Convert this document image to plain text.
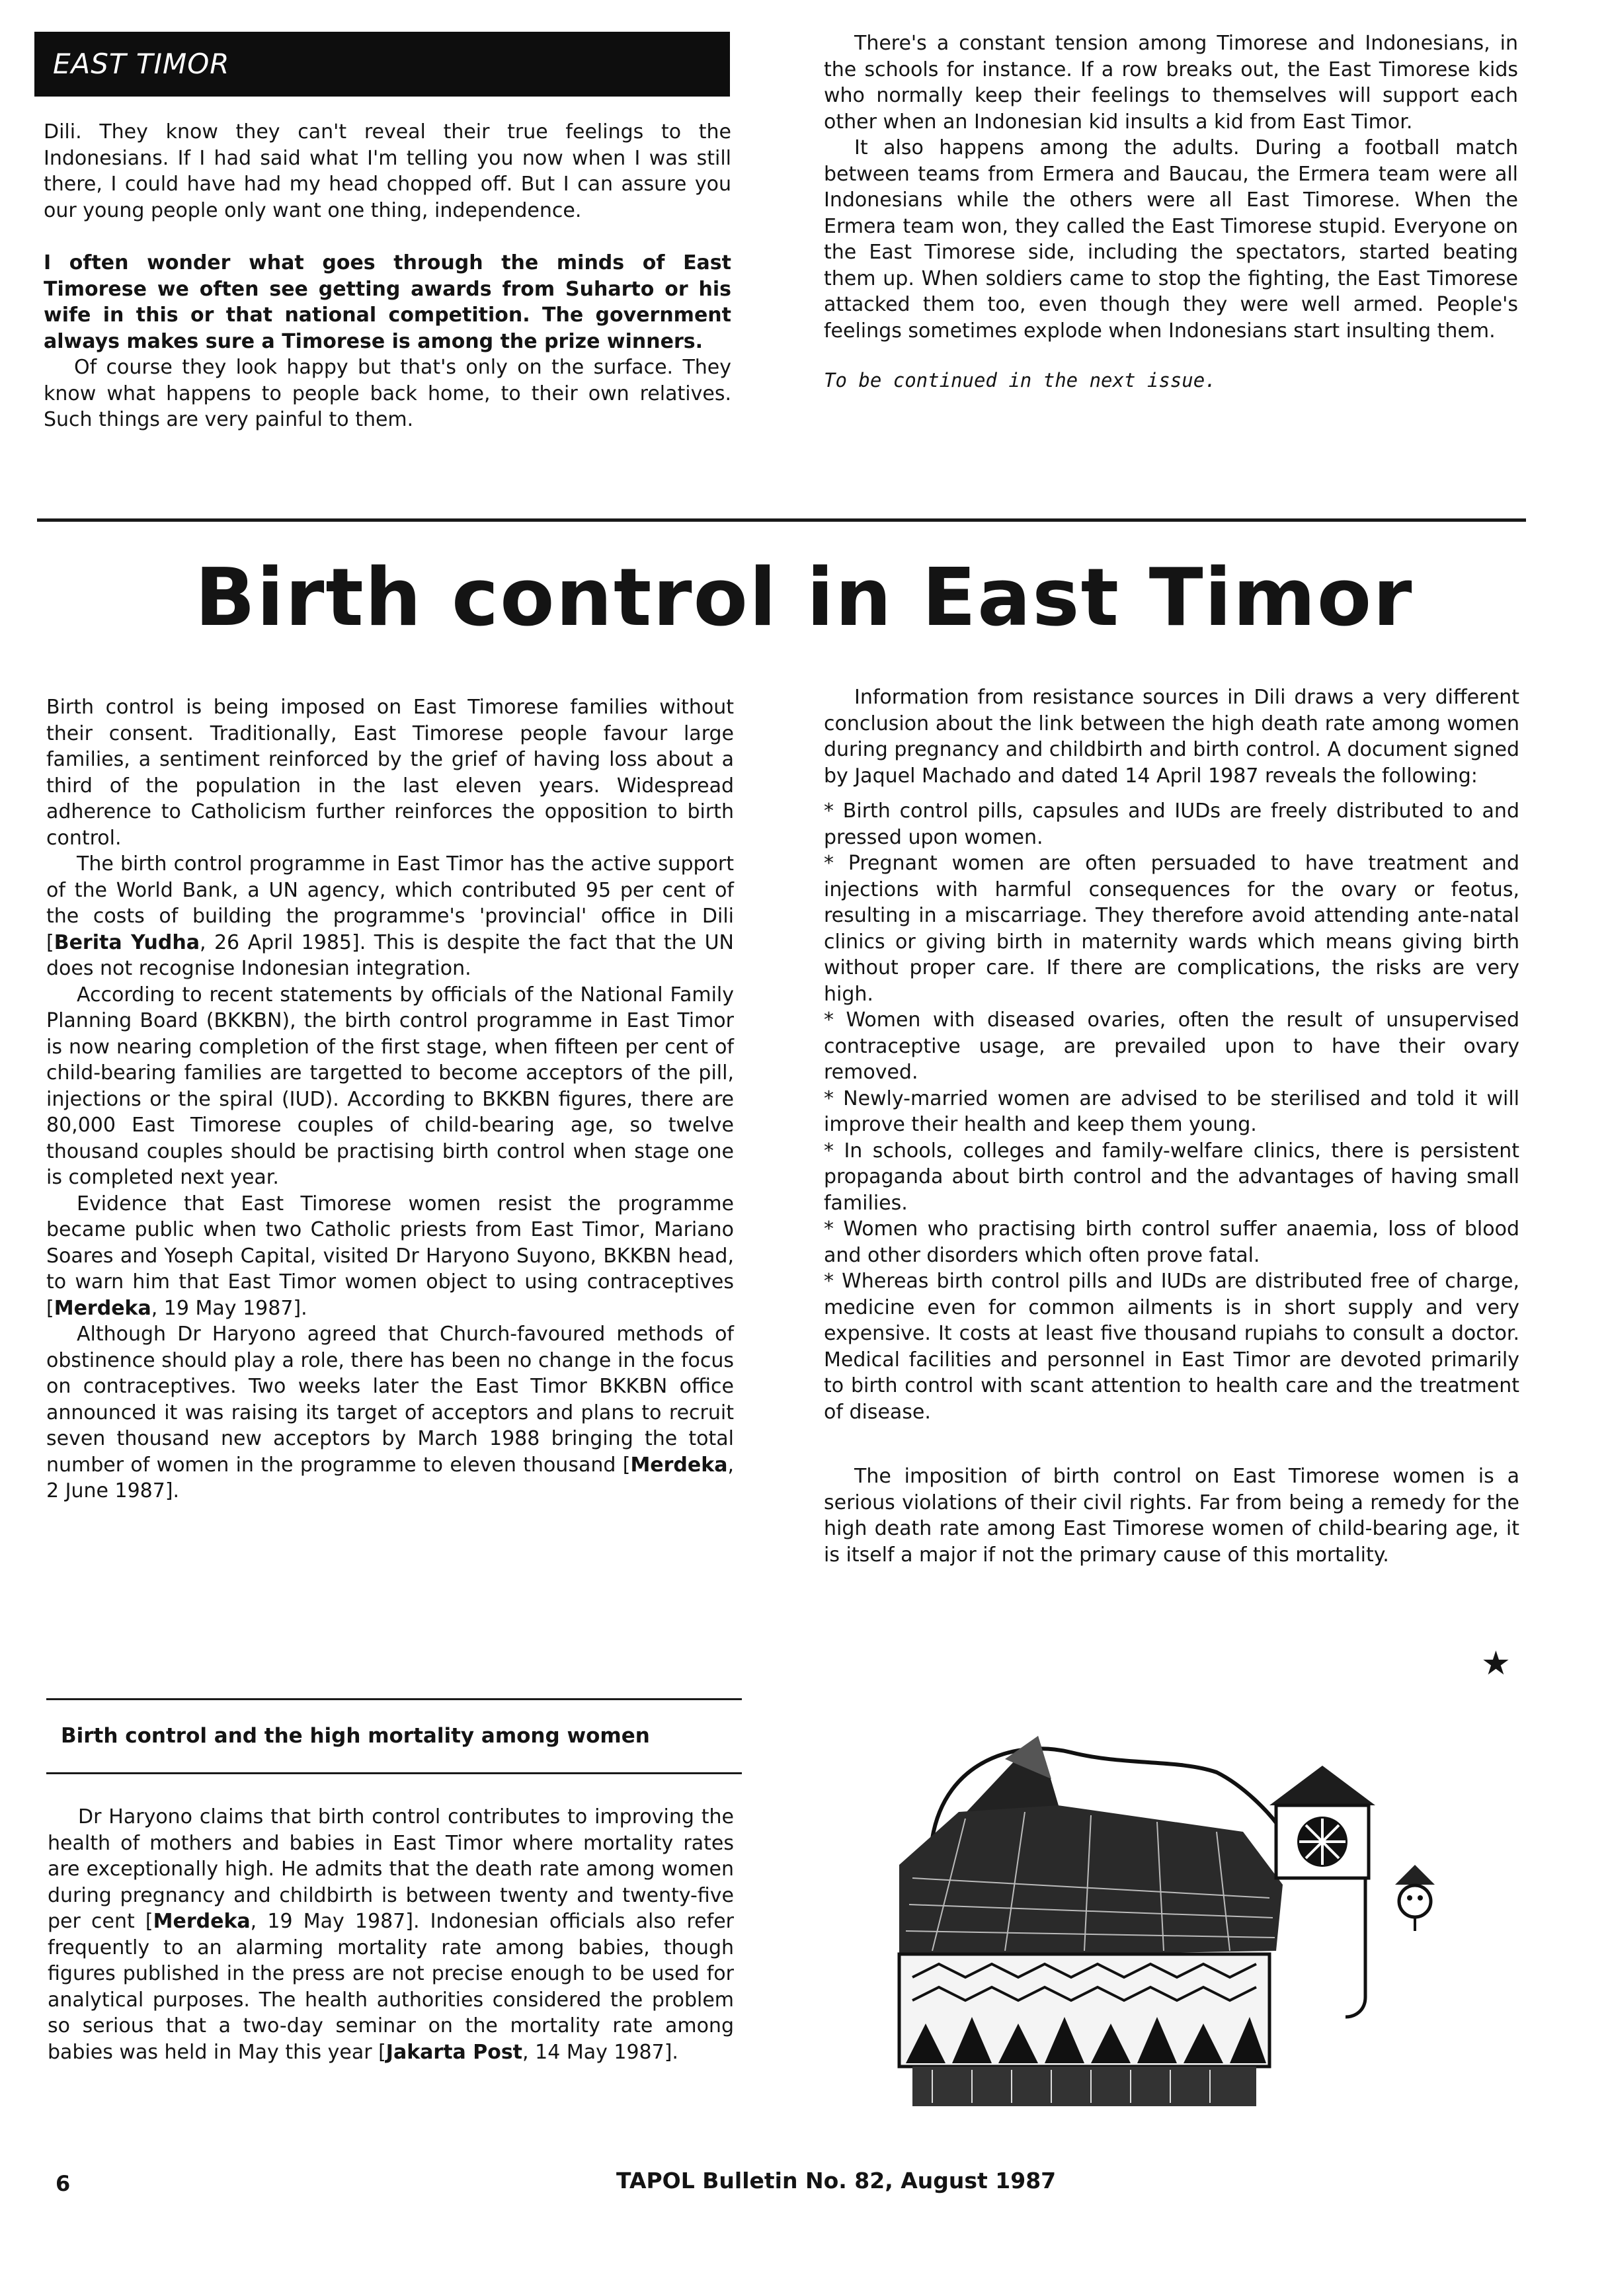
EAST TIMOR

Dili. They know they can't reveal their true feelings to the Indonesians. If I had said what I'm telling you now when I was still there, I could have had my head chopped off. But I can assure you our young people only want one thing, independence.

I often wonder what goes through the minds of East Timorese we often see getting awards from Suharto or his wife in this or that national competition. The government always makes sure a Timorese is among the prize winners.

Of course they look happy but that's only on the surface. They know what happens to people back home, to their own relatives. Such things are very painful to them.

There's a constant tension among Timorese and Indonesians, in the schools for instance. If a row breaks out, the East Timorese kids who normally keep their feelings to themselves will support each other when an Indonesian kid insults a kid from East Timor.

It also happens among the adults. During a football match between teams from Ermera and Baucau, the Ermera team were all Indonesians while the others were all East Timorese. When the Ermera team won, they called the East Timorese stupid. Everyone on the East Timorese side, including the spectators, started beating them up. When soldiers came to stop the fighting, the East Timorese attacked them too, even though they were well armed. People's feelings sometimes explode when Indonesians start insulting them.

To be continued in the next issue.

Birth control in East Timor

Birth control is being imposed on East Timorese families without their consent. Traditionally, East Timorese people favour large families, a sentiment reinforced by the grief of having loss about a third of the population in the last eleven years. Widespread adherence to Catholicism further reinforces the opposition to birth control.

The birth control programme in East Timor has the active support of the World Bank, a UN agency, which contributed 95 per cent of the costs of building the programme's 'provincial' office in Dili [Berita Yudha, 26 April 1985]. This is despite the fact that the UN does not recognise Indonesian integration.

According to recent statements by officials of the National Family Planning Board (BKKBN), the birth control programme in East Timor is now nearing completion of the first stage, when fifteen per cent of child-bearing families are targetted to become acceptors of the pill, injections or the spiral (IUD). According to BKKBN figures, there are 80,000 East Timorese couples of child-bearing age, so twelve thousand couples should be practising birth control when stage one is completed next year.

Evidence that East Timorese women resist the programme became public when two Catholic priests from East Timor, Mariano Soares and Yoseph Capital, visited Dr Haryono Suyono, BKKBN head, to warn him that East Timor women object to using contraceptives [Merdeka, 19 May 1987].

Although Dr Haryono agreed that Church-favoured methods of obstinence should play a role, there has been no change in the focus on contraceptives. Two weeks later the East Timor BKKBN office announced it was raising its target of acceptors and plans to recruit seven thousand new acceptors by March 1988 bringing the total number of women in the programme to eleven thousand [Merdeka, 2 June 1987].

Birth control and the high mortality among women

Dr Haryono claims that birth control contributes to improving the health of mothers and babies in East Timor where mortality rates are exceptionally high. He admits that the death rate among women during pregnancy and childbirth is between twenty and twenty-five per cent [Merdeka, 19 May 1987]. Indonesian officials also refer frequently to an alarming mortality rate among babies, though figures published in the press are not precise enough to be used for analytical purposes. The health authorities considered the problem so serious that a two-day seminar on the mortality rate among babies was held in May this year [Jakarta Post, 14 May 1987].

Information from resistance sources in Dili draws a very different conclusion about the link between the high death rate among women during pregnancy and childbirth and birth control. A document signed by Jaquel Machado and dated 14 April 1987 reveals the following:

* Birth control pills, capsules and IUDs are freely distributed to and pressed upon women.

* Pregnant women are often persuaded to have treatment and injections with harmful consequences for the ovary or feotus, resulting in a miscarriage. They therefore avoid attending ante-natal clinics or giving birth in maternity wards which means giving birth without proper care. If there are complications, the risks are very high.

* Women with diseased ovaries, often the result of unsupervised contraceptive usage, are prevailed upon to have their ovary removed.

* Newly-married women are advised to be sterilised and told it will improve their health and keep them young.

* In schools, colleges and family-welfare clinics, there is persistent propaganda about birth control and the advantages of having small families.

* Women who practising birth control suffer anaemia, loss of blood and other disorders which often prove fatal.

* Whereas birth control pills and IUDs are distributed free of charge, medicine even for common ailments is in short supply and very expensive. It costs at least five thousand rupiahs to consult a doctor. Medical facilities and personnel in East Timor are devoted primarily to birth control with scant attention to health care and the treatment of disease.

The imposition of birth control on East Timorese women is a serious violations of their civil rights. Far from being a remedy for the high death rate among East Timorese women of child-bearing age, it is itself a major if not the primary cause of this mortality.

★
6	TAPOL Bulletin No. 82, August 1987
